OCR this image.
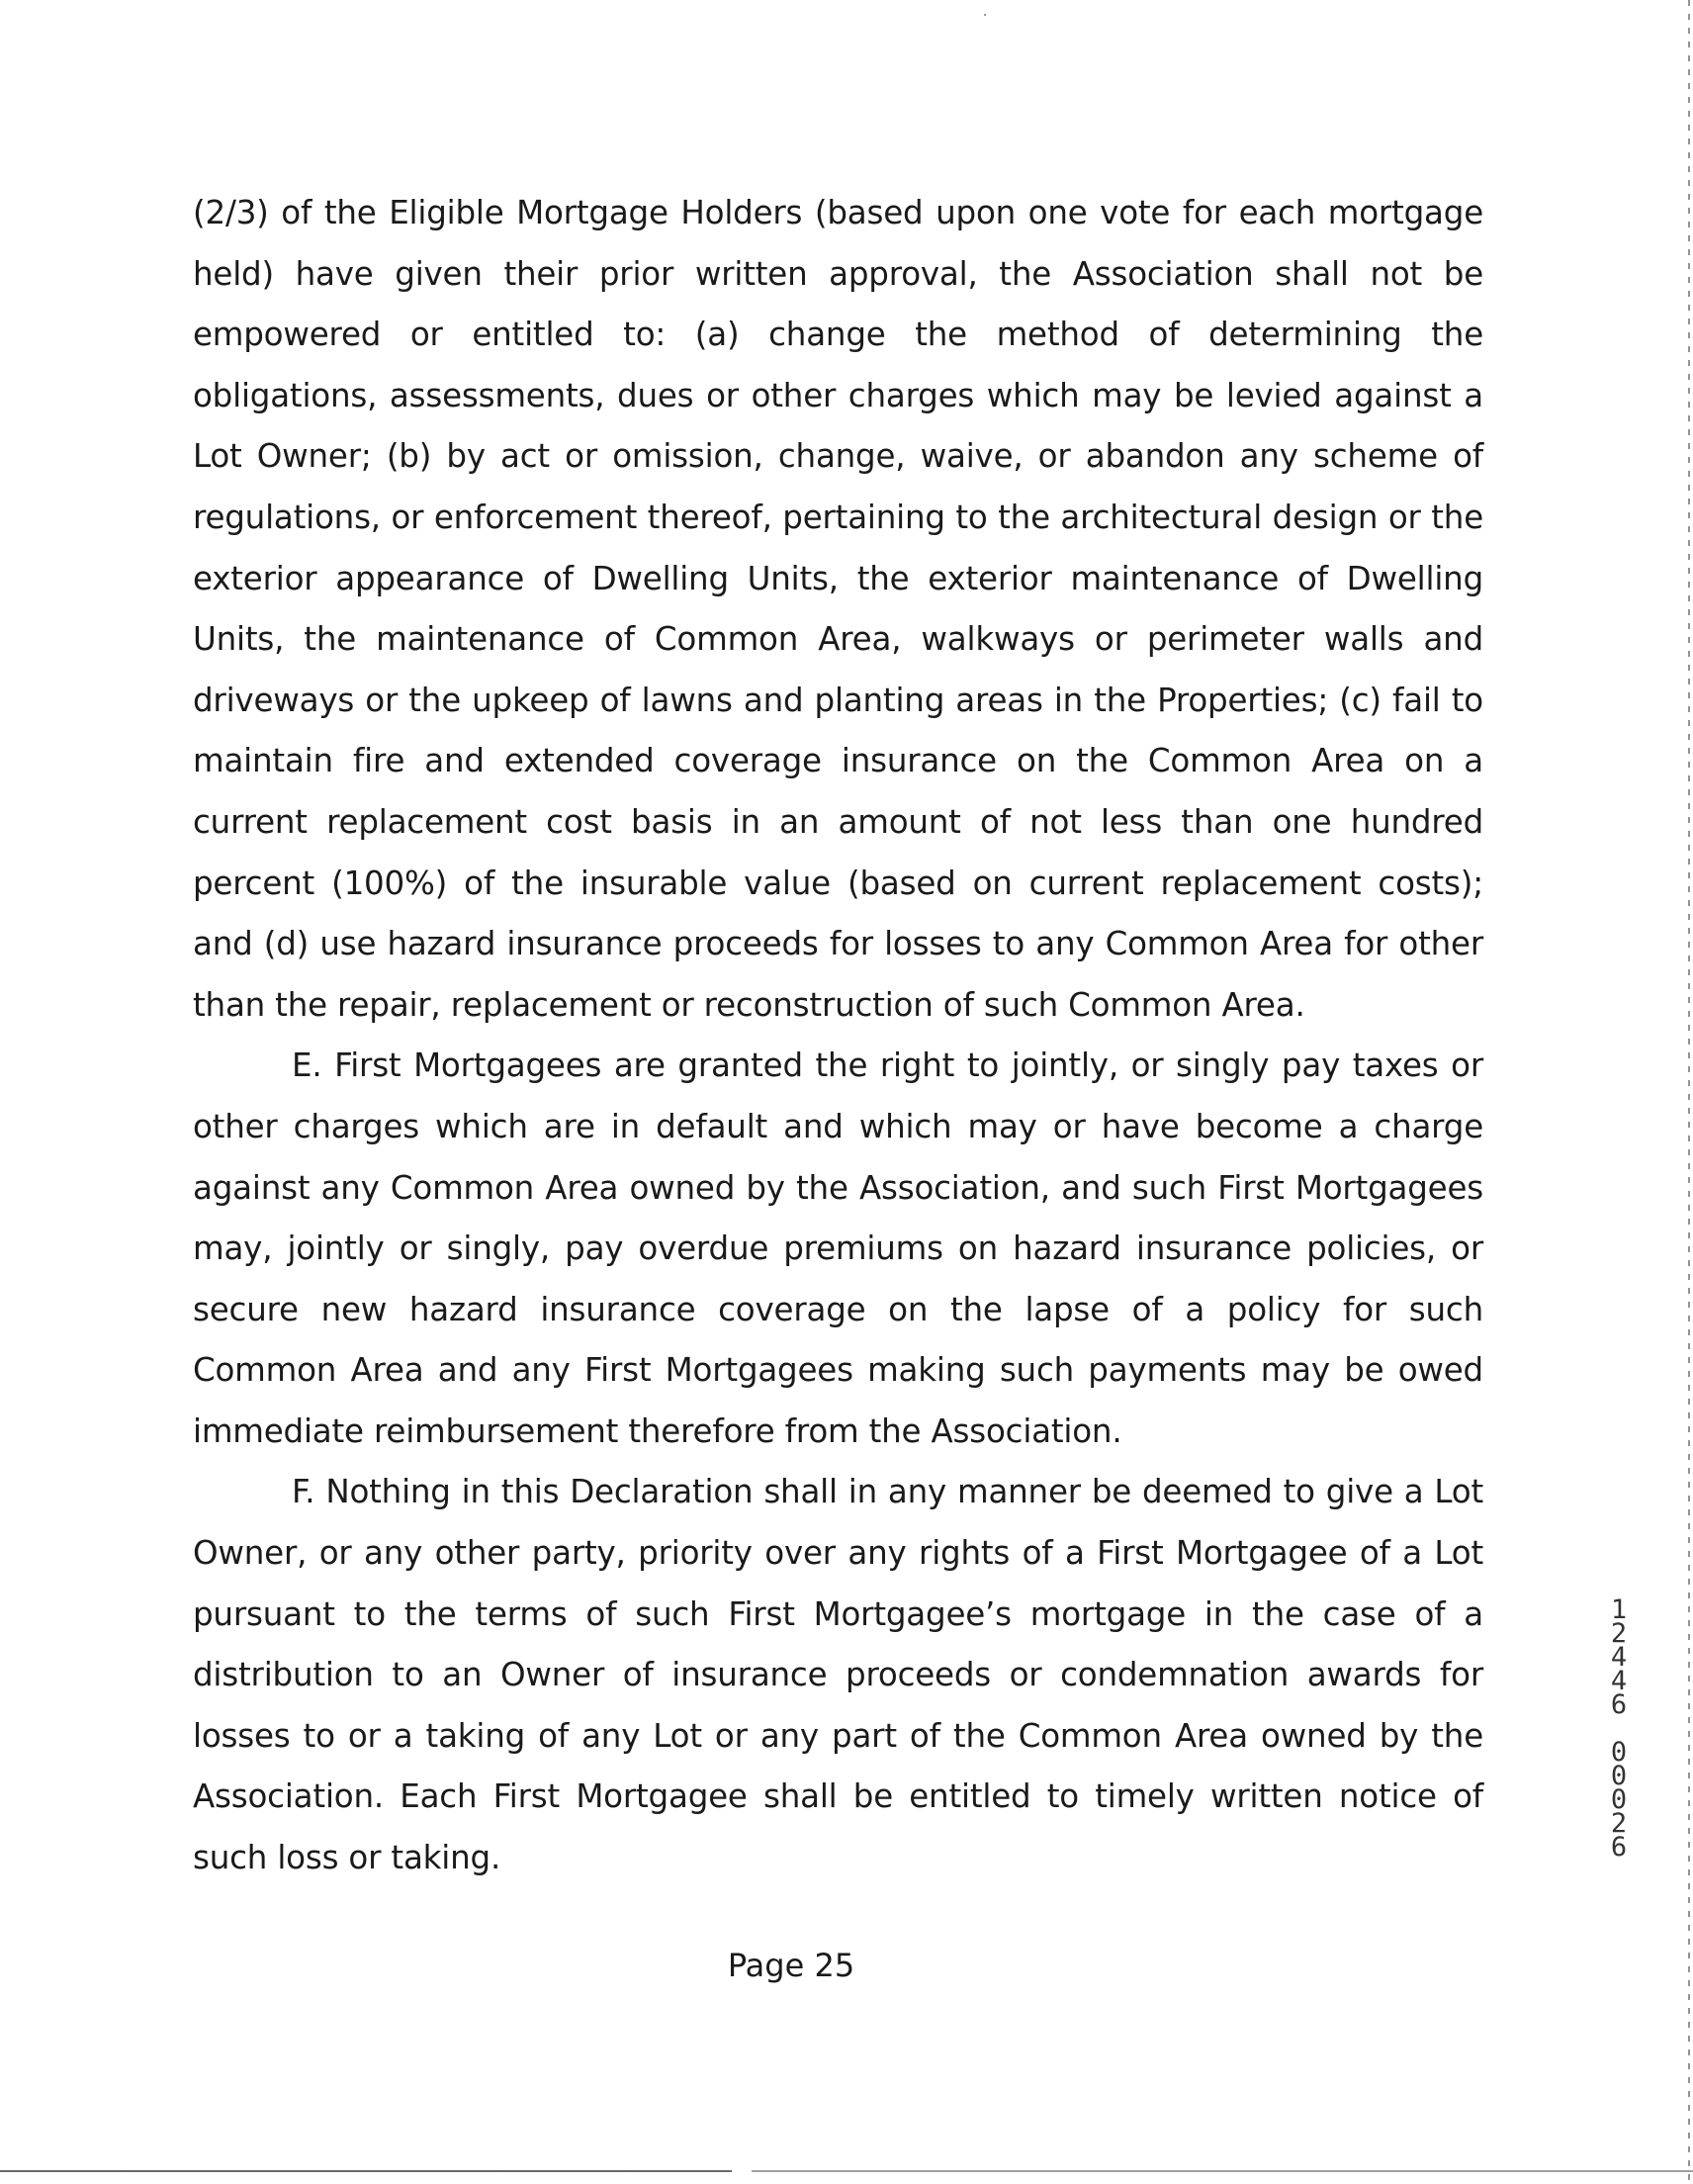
(2/3) of the Eligible Mortgage Holders (based upon one vote for each mortgage held) have given their prior written approval, the Association shall not be empowered or entitled to: (a) change the method of determining the obligations, assessments, dues or other charges which may be levied against a Lot Owner; (b) by act or omission, change, waive, or abandon any scheme of regulations, or enforcement thereof, pertaining to the architectural design or the exterior appearance of Dwelling Units, the exterior maintenance of Dwelling Units, the maintenance of Common Area, walkways or perimeter walls and driveways or the upkeep of lawns and planting areas in the Properties; (c) fail to maintain fire and extended coverage insurance on the Common Area on a current replacement cost basis in an amount of not less than one hundred percent (100%) of the insurable value (based on current replacement costs); and (d) use hazard insurance proceeds for losses to any Common Area for other than the repair, replacement or reconstruction of such Common Area.

E. First Mortgagees are granted the right to jointly, or singly pay taxes or other charges which are in default and which may or have become a charge against any Common Area owned by the Association, and such First Mortgagees may, jointly or singly, pay overdue premiums on hazard insurance policies, or secure new hazard insurance coverage on the lapse of a policy for such Common Area and any First Mortgagees making such payments may be owed immediate reimbursement therefore from the Association.

F. Nothing in this Declaration shall in any manner be deemed to give a Lot Owner, or any other party, priority over any rights of a First Mortgagee of a Lot pursuant to the terms of such First Mortgagee’s mortgage in the case of a distribution to an Owner of insurance proceeds or condemnation awards for losses to or a taking of any Lot or any part of the Common Area owned by the Association. Each First Mortgagee shall be entitled to timely written notice of such loss or taking.

Page 25
1
2
4
4
6
0
0
0
2
6
